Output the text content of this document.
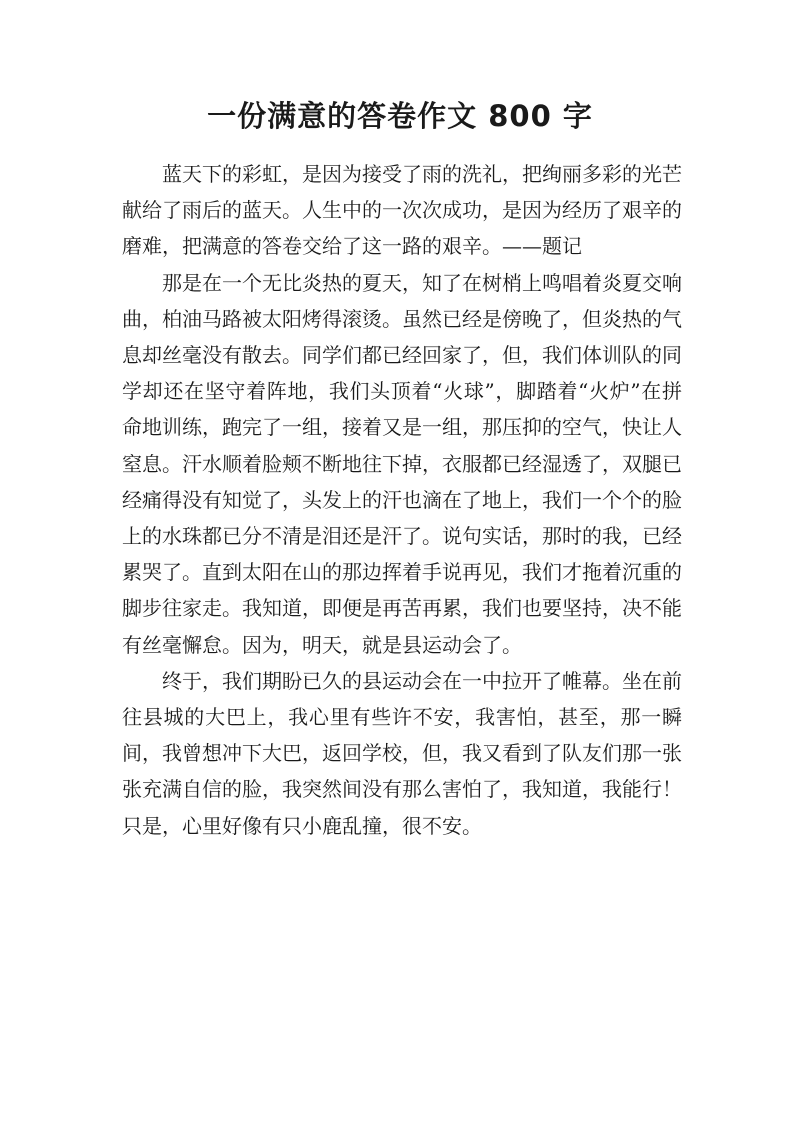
一份满意的答卷作文 800 字

蓝天下的彩虹，是因为接受了雨的洗礼，把绚丽多彩的光芒献给了雨后的蓝天。人生中的一次次成功，是因为经历了艰辛的磨难，把满意的答卷交给了这一路的艰辛。——题记

那是在一个无比炎热的夏天，知了在树梢上鸣唱着炎夏交响曲，柏油马路被太阳烤得滚烫。虽然已经是傍晚了，但炎热的气息却丝毫没有散去。同学们都已经回家了，但，我们体训队的同学却还在坚守着阵地，我们头顶着“火球”，脚踏着“火炉”在拼命地训练，跑完了一组，接着又是一组，那压抑的空气，快让人窒息。汗水顺着脸颊不断地往下掉，衣服都已经湿透了，双腿已经痛得没有知觉了，头发上的汗也滴在了地上，我们一个个的脸上的水珠都已分不清是泪还是汗了。说句实话，那时的我，已经累哭了。直到太阳在山的那边挥着手说再见，我们才拖着沉重的脚步往家走。我知道，即便是再苦再累，我们也要坚持，决不能有丝毫懈怠。因为，明天，就是县运动会了。

终于，我们期盼已久的县运动会在一中拉开了帷幕。坐在前往县城的大巴上，我心里有些许不安，我害怕，甚至，那一瞬间，我曾想冲下大巴，返回学校，但，我又看到了队友们那一张张充满自信的脸，我突然间没有那么害怕了，我知道，我能行！只是，心里好像有只小鹿乱撞，很不安。
